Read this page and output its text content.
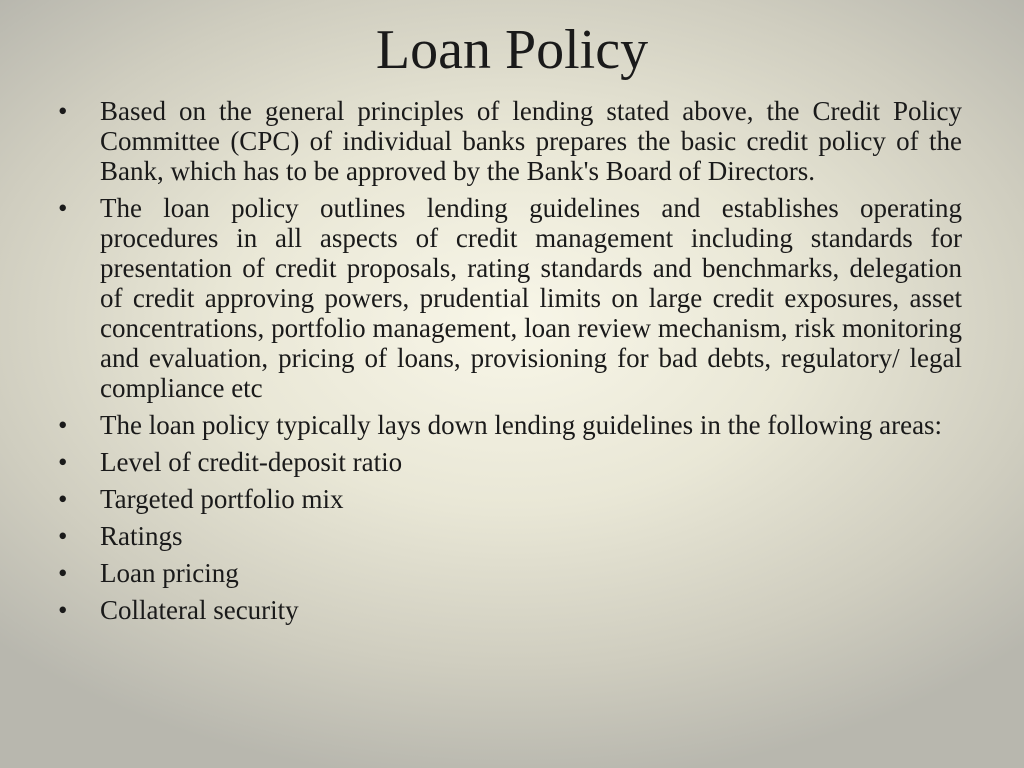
Loan Policy
•	Based on the general principles of lending stated above, the Credit Policy Committee (CPC) of individual banks prepares the basic credit policy of the Bank, which has to be approved by the Bank's Board of Directors.
•	The loan policy outlines lending guidelines and establishes operating procedures in all aspects of credit management including standards for presentation of credit proposals, rating standards and benchmarks, delegation of credit approving powers, prudential limits on large credit exposures, asset concentrations, portfolio management, loan review mechanism, risk monitoring and evaluation, pricing of loans, provisioning for bad debts, regulatory/ legal compliance etc
•	The loan policy typically lays down lending guidelines in the following areas:
•	Level of credit-deposit ratio
•	Targeted portfolio mix
•	Ratings
•	Loan pricing
•	Collateral security
